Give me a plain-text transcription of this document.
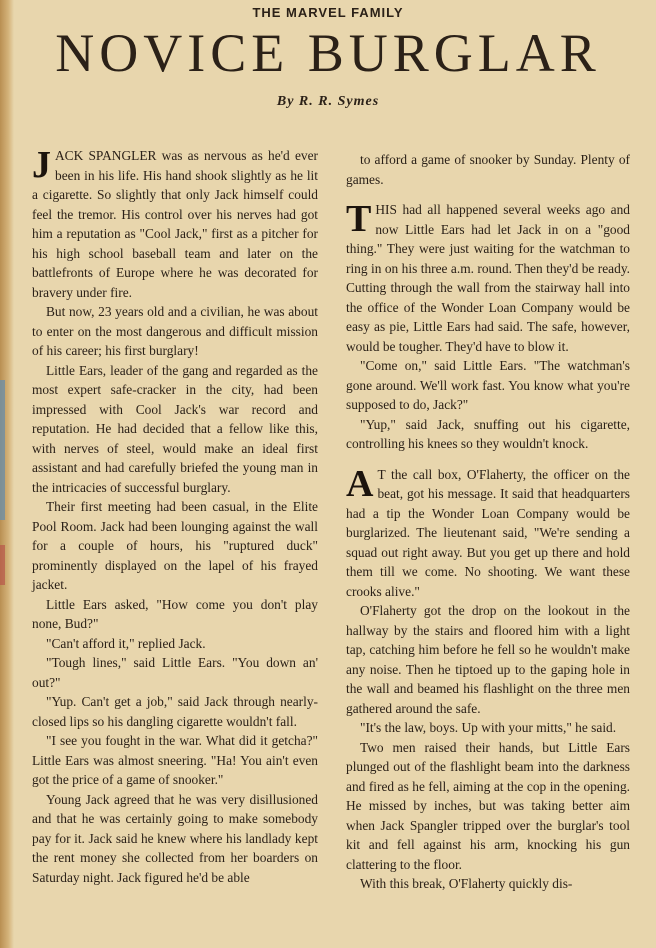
THE MARVEL FAMILY
NOVICE BURGLAR
By R. R. Symes

JACK SPANGLER was as nervous as he'd ever been in his life. His hand shook slightly as he lit a cigarette. So slightly that only Jack himself could feel the tremor. His control over his nerves had got him a reputation as "Cool Jack," first as a pitcher for his high school baseball team and later on the battlefronts of Europe where he was decorated for bravery under fire.

But now, 23 years old and a civilian, he was about to enter on the most dangerous and difficult mission of his career; his first burglary!

Little Ears, leader of the gang and regarded as the most expert safe-cracker in the city, had been impressed with Cool Jack's war record and reputation. He had decided that a fellow like this, with nerves of steel, would make an ideal first assistant and had carefully briefed the young man in the intricacies of successful burglary.

Their first meeting had been casual, in the Elite Pool Room. Jack had been lounging against the wall for a couple of hours, his "ruptured duck" prominently displayed on the lapel of his frayed jacket.

Little Ears asked, "How come you don't play none, Bud?"

"Can't afford it," replied Jack.

"Tough lines," said Little Ears. "You down an' out?"

"Yup. Can't get a job," said Jack through nearly-closed lips so his dangling cigarette wouldn't fall.

"I see you fought in the war. What did it getcha?" Little Ears was almost sneering. "Ha! You ain't even got the price of a game of snooker."

Young Jack agreed that he was very disillusioned and that he was certainly going to make somebody pay for it. Jack said he knew where his landlady kept the rent money she collected from her boarders on Saturday night. Jack figured he'd be able

to afford a game of snooker by Sunday. Plenty of games.

THIS had all happened several weeks ago and now Little Ears had let Jack in on a "good thing." They were just waiting for the watchman to ring in on his three a.m. round. Then they'd be ready. Cutting through the wall from the stairway hall into the office of the Wonder Loan Company would be easy as pie, Little Ears had said. The safe, however, would be tougher. They'd have to blow it.

"Come on," said Little Ears. "The watchman's gone around. We'll work fast. You know what you're supposed to do, Jack?"

"Yup," said Jack, snuffing out his cigarette, controlling his knees so they wouldn't knock.

A T the call box, O'Flaherty, the officer on the beat, got his message. It said that headquarters had a tip the Wonder Loan Company would be burglarized. The lieutenant said, "We're sending a squad out right away. But you get up there and hold them till we come. No shooting. We want these crooks alive."

O'Flaherty got the drop on the lookout in the hallway by the stairs and floored him with a light tap, catching him before he fell so he wouldn't make any noise. Then he tiptoed up to the gaping hole in the wall and beamed his flashlight on the three men gathered around the safe.

"It's the law, boys. Up with your mitts," he said.

Two men raised their hands, but Little Ears plunged out of the flashlight beam into the darkness and fired as he fell, aiming at the cop in the opening. He missed by inches, but was taking better aim when Jack Spangler tripped over the burglar's tool kit and fell against his arm, knocking his gun clattering to the floor.

With this break, O'Flaherty quickly dis-
